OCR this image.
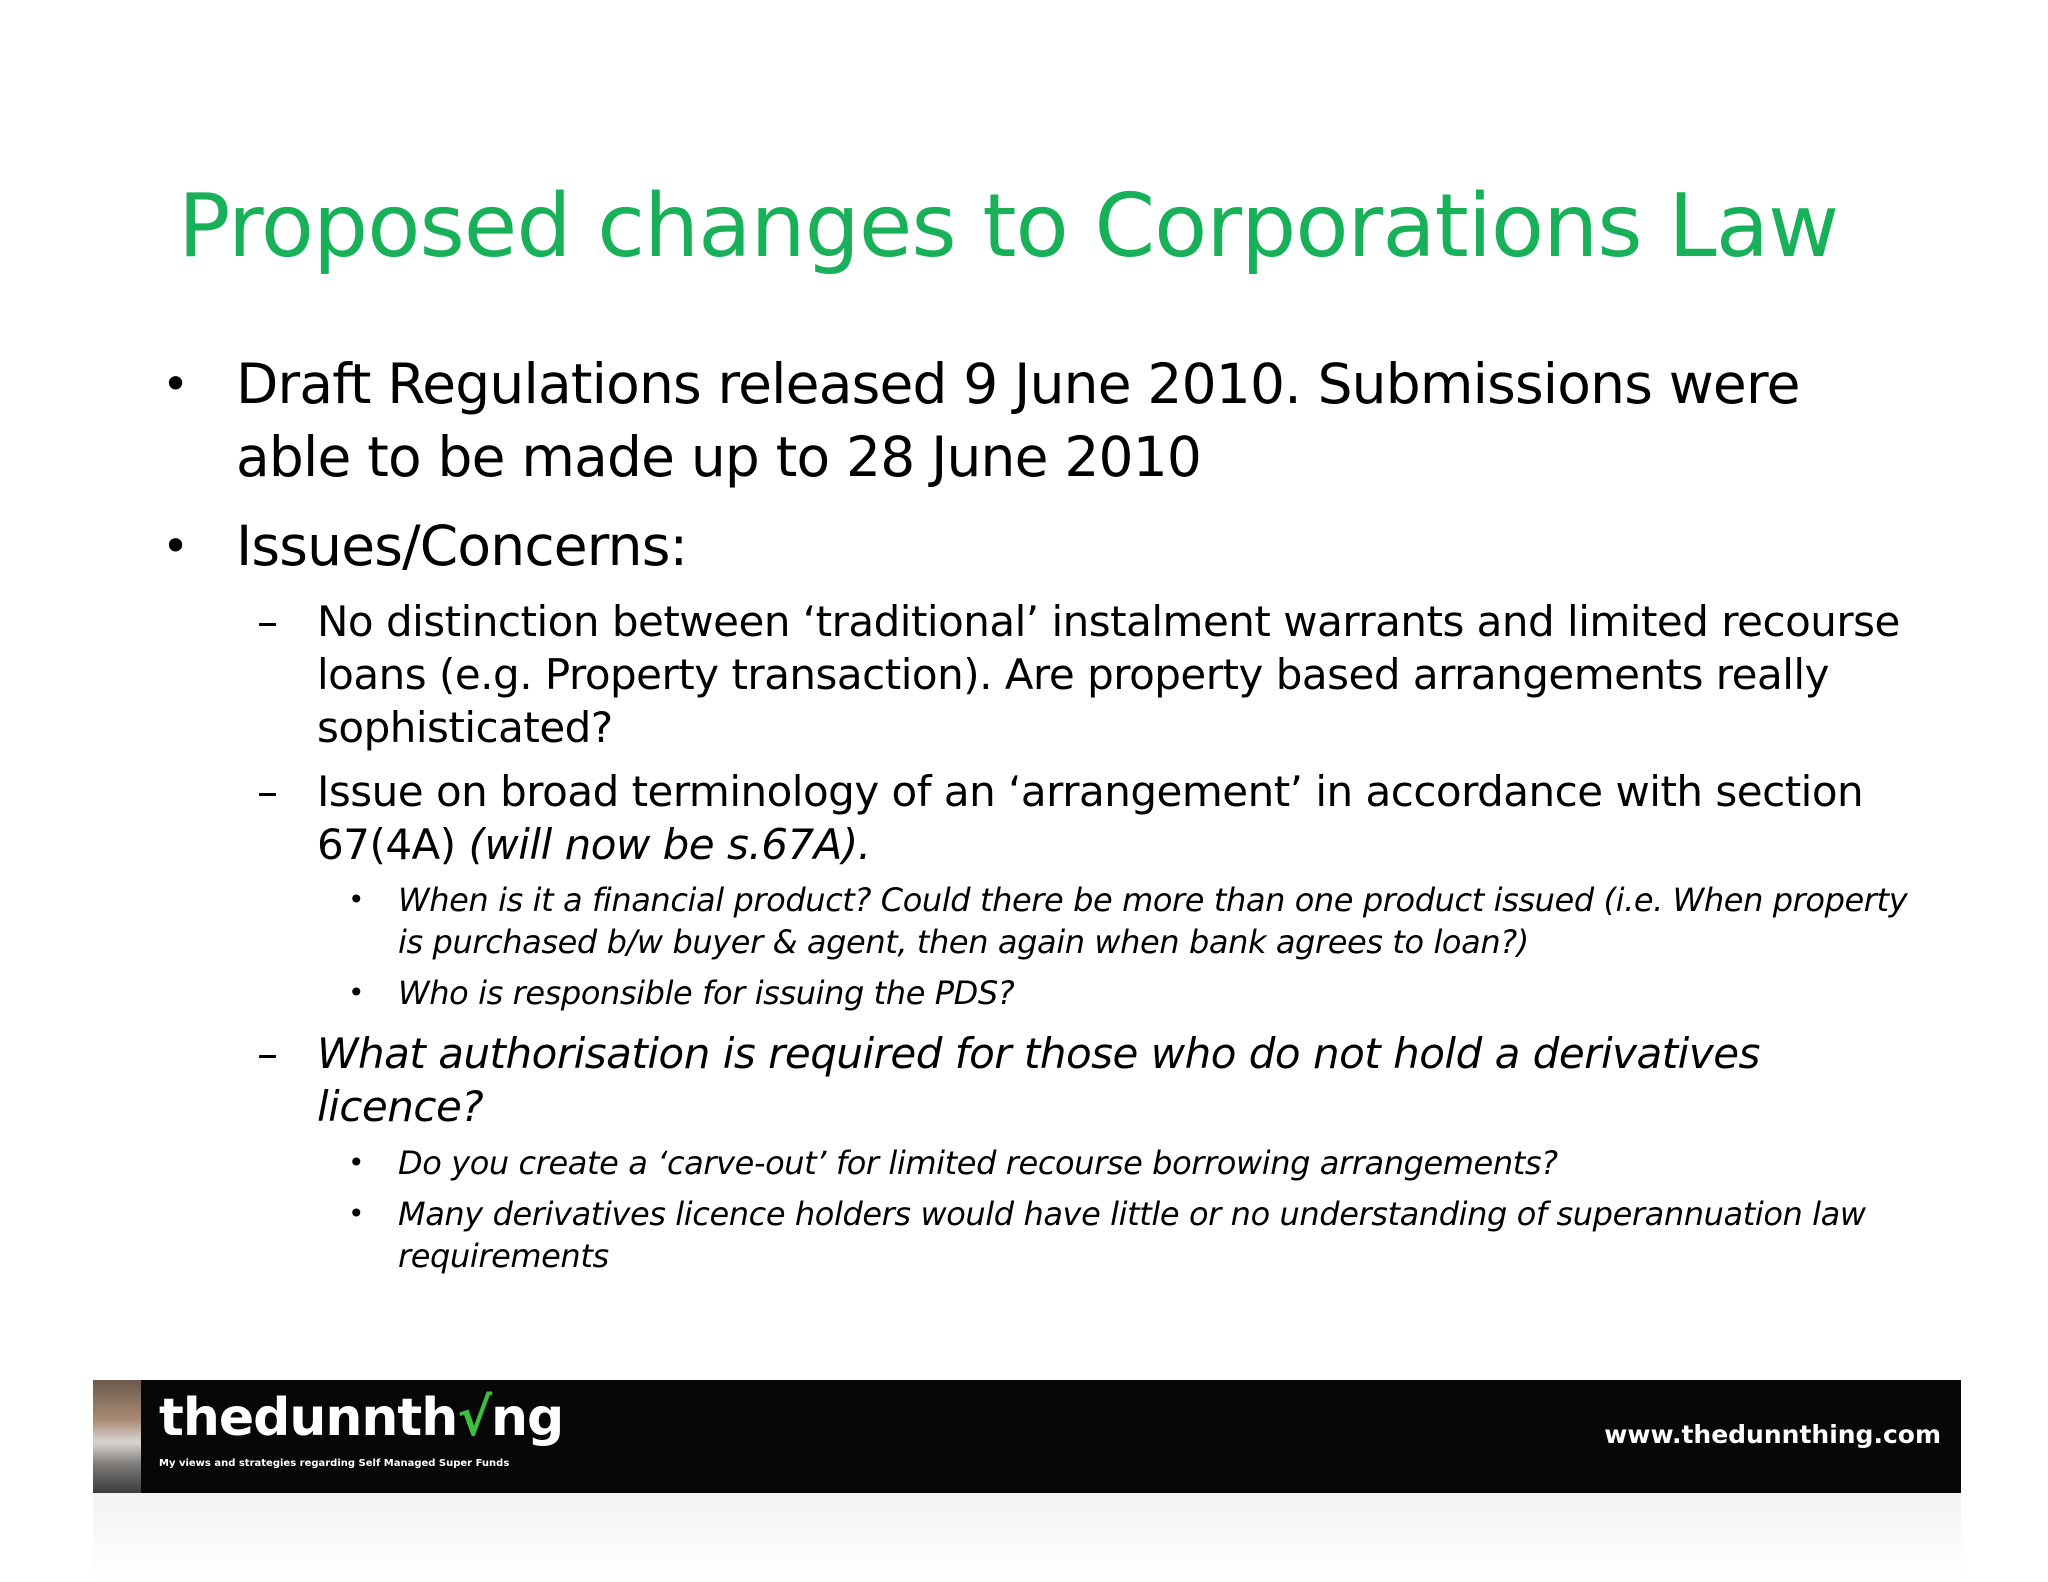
Proposed changes to Corporations Law
• Draft Regulations released 9 June 2010. Submissions were able to be made up to 28 June 2010
• Issues/Concerns:
– No distinction between ‘traditional’ instalment warrants and limited recourse loans (e.g. Property transaction). Are property based arrangements really sophisticated?
– Issue on broad terminology of an ‘arrangement’ in accordance with section 67(4A) (will now be s.67A).
• When is it a financial product? Could there be more than one product issued (i.e. When property is purchased b/w buyer & agent, then again when bank agrees to loan?)
• Who is responsible for issuing the PDS?
– What authorisation is required for those who do not hold a derivatives licence?
• Do you create a ‘carve-out’ for limited recourse borrowing arrangements?
• Many derivatives licence holders would have little or no understanding of superannuation law requirements
thedunnth√ng
My views and strategies regarding Self Managed Super Funds
www.thedunnthing.com
